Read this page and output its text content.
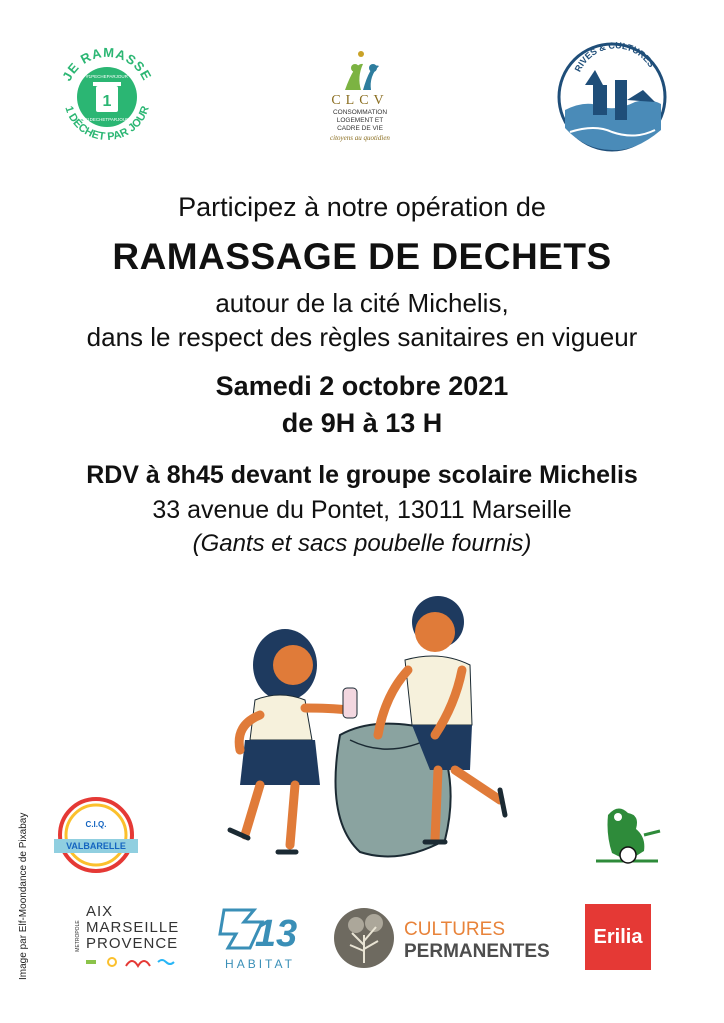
JE RAMASSE
1 DÉCHET PAR JOUR
1
#1PECHEPARJOUR
#1DECHETPARJOUR
CLCV
CONSOMMATION
LOGEMENT ET
CADRE DE VIE
citoyens au quotidien
RIVES & CULTURES
Participez à notre opération de
RAMASSAGE DE DECHETS
autour de la cité Michelis,
dans le respect des règles sanitaires en vigueur
Samedi 2 octobre 2021
de 9H à 13 H
RDV à 8h45 devant le groupe scolaire Michelis
33 avenue du Pontet, 13011 Marseille
(Gants et sacs poubelle fournis)
C.I.Q.
VALBARELLE
METROPOLE
AIX
MARSEILLE
PROVENCE 13
HABITAT
CULTURES
PERMANENTES
Erilia
Image par Elf-Moondance de Pixabay
